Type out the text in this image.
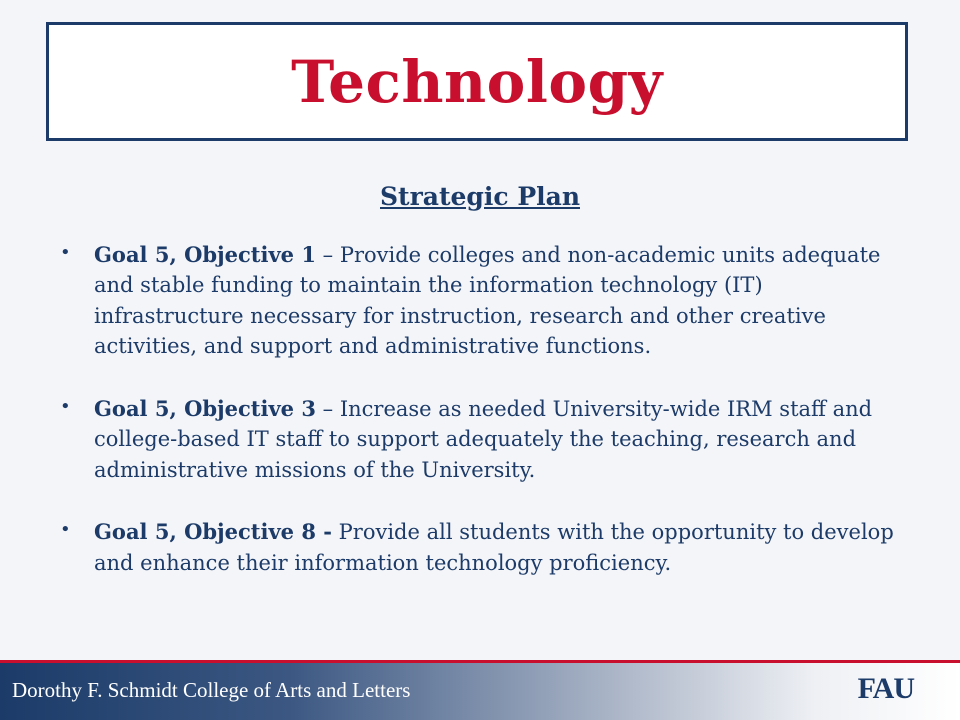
Technology
Strategic Plan
• Goal 5, Objective 1 – Provide colleges and non-academic units adequate and stable funding to maintain the information technology (IT) infrastructure necessary for instruction, research and other creative activities, and support and administrative functions.
• Goal 5, Objective 3 – Increase as needed University-wide IRM staff and college-based IT staff to support adequately the teaching, research and administrative missions of the University.
• Goal 5, Objective 8 - Provide all students with the opportunity to develop and enhance their information technology proficiency.
Dorothy F. Schmidt College of Arts and Letters	FAU
